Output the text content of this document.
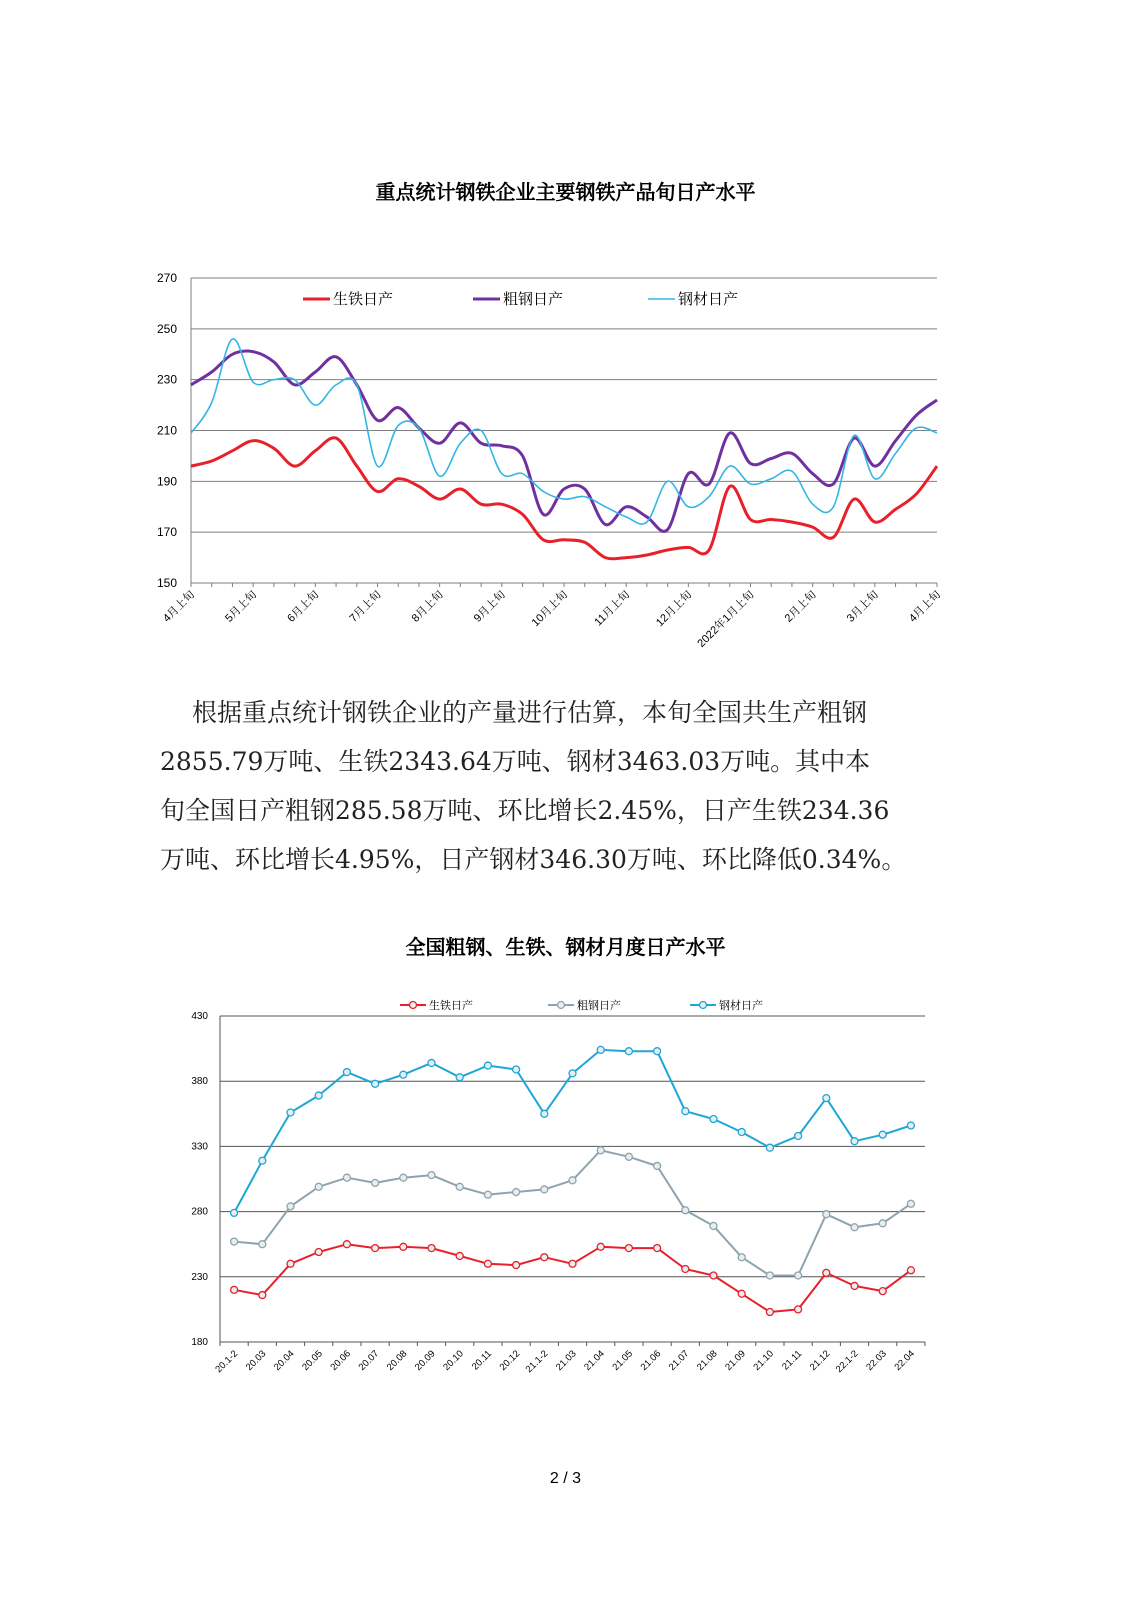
重点统计钢铁企业主要钢铁产品旬日产水平
150
170
190
210
230
250
270
4月上旬 5月上旬 6月上旬 7月上旬 8月上旬 9月上旬 10月上旬 11月上旬 12月上旬 2022年1月上旬 2月上旬 3月上旬 4月上旬
生铁日产	粗钢日产	钢材日产
根据重点统计钢铁企业的产量进行估算，本旬全国共生产粗钢
2855.79万吨、生铁2343.64万吨、钢材3463.03万吨。其中本
旬全国日产粗钢285.58万吨、环比增长2.45%，日产生铁234.36
万吨、环比增长4.95%，日产钢材346.30万吨、环比降低0.34%。
全国粗钢、生铁、钢材月度日产水平
180
230
280
330
380
430
20.1-2 20.03 20.04 20.05 20.06 20.07 20.08 20.09 20.10 20.11 20.12 21.1-2 21.03 21.04 21.05 21.06 21.07 21.08 21.09 21.10 21.11 21.12 22.1-2 22.03 22.04
生铁日产	粗钢日产	钢材日产
2 / 3
